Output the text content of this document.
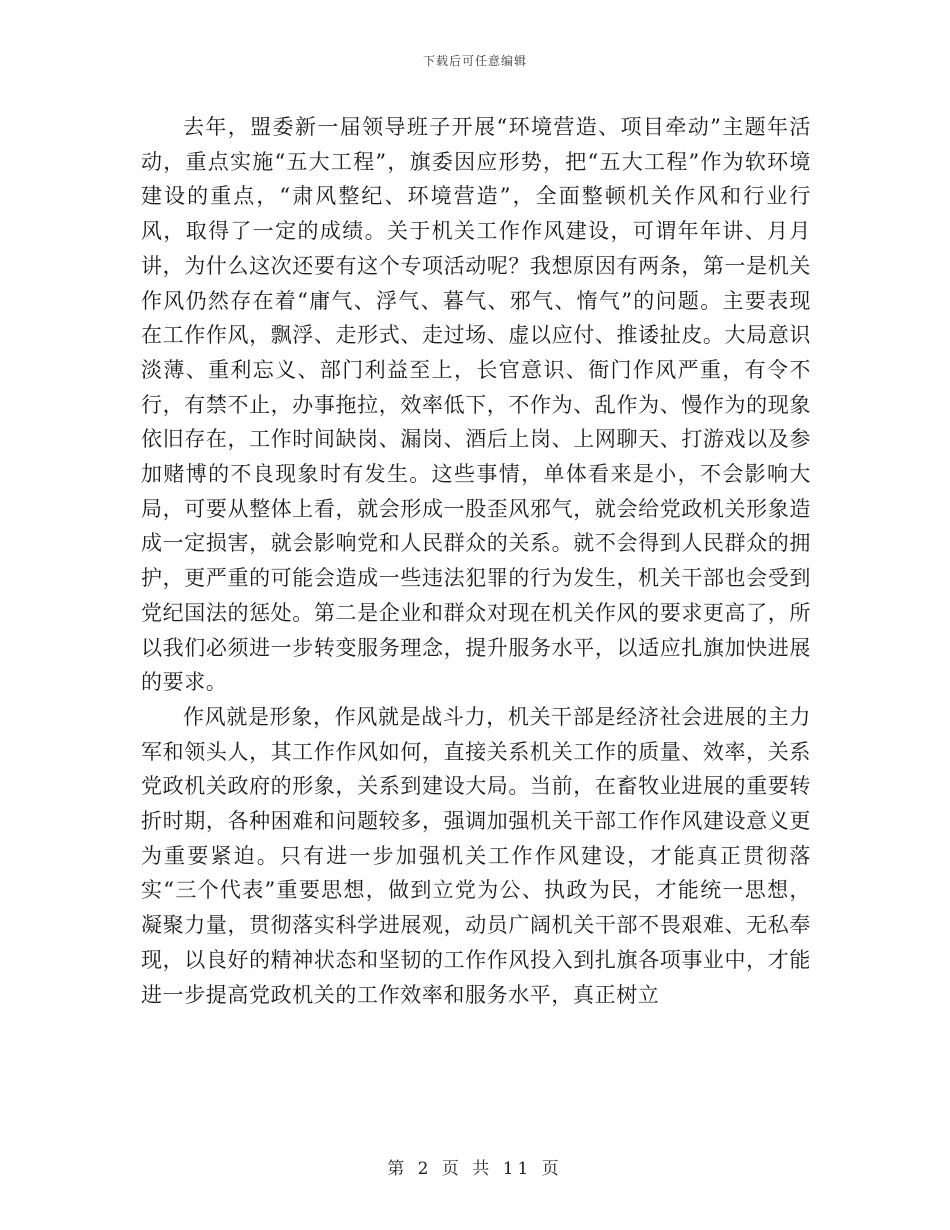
下载后可任意编辑

去年，盟委新一届领导班子开展“环境营造、项目牵动”主题年活动，重点实施“五大工程”，旗委因应形势，把“五大工程”作为软环境建设的重点，“肃风整纪、环境营造”，全面整顿机关作风和行业行风，取得了一定的成绩。关于机关工作作风建设，可谓年年讲、月月讲，为什么这次还要有这个专项活动呢？我想原因有两条，第一是机关作风仍然存在着“庸气、浮气、暮气、邪气、惰气”的问题。主要表现在工作作风，飘浮、走形式、走过场、虚以应付、推诿扯皮。大局意识淡薄、重利忘义、部门利益至上，长官意识、衙门作风严重，有令不行，有禁不止，办事拖拉，效率低下，不作为、乱作为、慢作为的现象依旧存在，工作时间缺岗、漏岗、酒后上岗、上网聊天、打游戏以及参加赌博的不良现象时有发生。这些事情，单体看来是小，不会影响大局，可要从整体上看，就会形成一股歪风邪气，就会给党政机关形象造成一定损害，就会影响党和人民群众的关系。就不会得到人民群众的拥护，更严重的可能会造成一些违法犯罪的行为发生，机关干部也会受到党纪国法的惩处。第二是企业和群众对现在机关作风的要求更高了，所以我们必须进一步转变服务理念，提升服务水平，以适应扎旗加快进展的要求。

作风就是形象，作风就是战斗力，机关干部是经济社会进展的主力军和领头人，其工作作风如何，直接关系机关工作的质量、效率，关系党政机关政府的形象，关系到建设大局。当前，在畜牧业进展的重要转折时期，各种困难和问题较多，强调加强机关干部工作作风建设意义更为重要紧迫。只有进一步加强机关工作作风建设，才能真正贯彻落实“三个代表”重要思想，做到立党为公、执政为民，才能统一思想，凝聚力量，贯彻落实科学进展观，动员广阔机关干部不畏艰难、无私奉现，以良好的精神状态和坚韧的工作作风投入到扎旗各项事业中，才能进一步提高党政机关的工作效率和服务水平，真正树立

第 2 页 共 11 页
